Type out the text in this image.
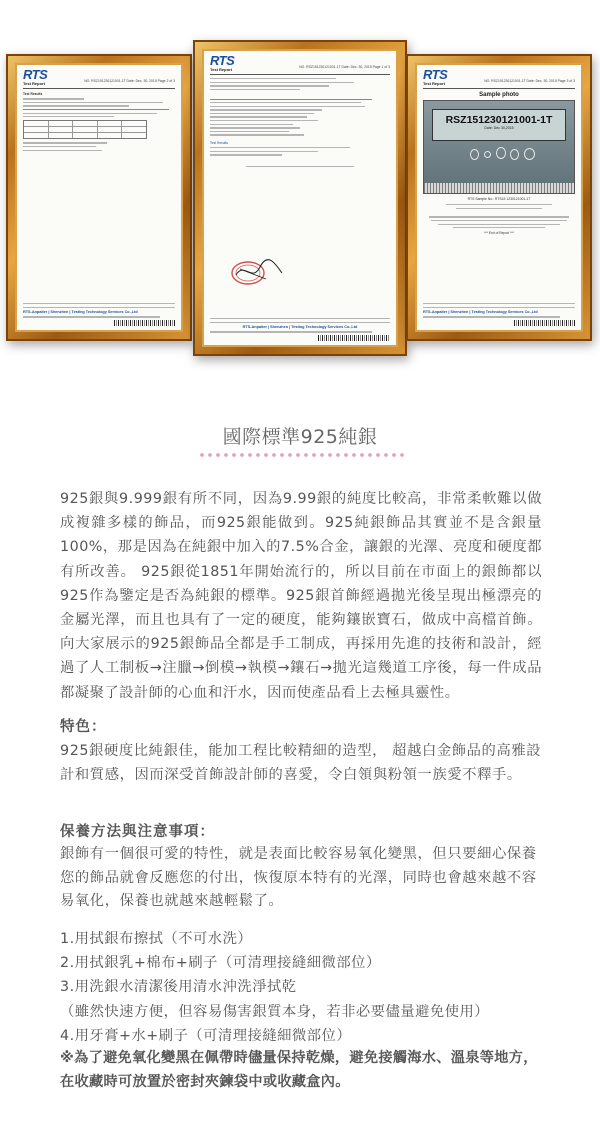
RTS
Test Report	NO. RSZ151230121001-1T Date: Dec. 30, 2015 Page 2 of 3
Test Results
RTS-Anpaiter | Shenzhen | Testing Technology Services Co.,Ltd
RTS
Test Report	NO. RSZ151230121001-1T Date: Dec. 30, 2015 Page 1 of 3
Test Results
RTS-Anpaiter | Shenzhen | Testing Technology Services Co.,Ltd
RTS
Test Report	NO. RSZ151230121001-1T Date: Dec. 30, 2015 Page 3 of 3
Sample photo
RSZ151230121001-1T
Date: Dec 30,2015
RTS Sample No.: RTS15 1230121001-1T
*** End of Report ***
RTS-Anpaiter | Shenzhen | Testing Technology Services Co.,Ltd
國際標準925純銀

925銀與9.999銀有所不同，因為9.99銀的純度比較高，非常柔軟難以做成複雜多樣的飾品，而925銀能做到。925純銀飾品其實並不是含銀量100%，那是因為在純銀中加入的7.5%合金，讓銀的光澤、亮度和硬度都有所改善。 925銀從1851年開始流行的，所以目前在市面上的銀飾都以925作為鑒定是否為純銀的標準。925銀首飾經過拋光後呈現出極漂亮的金屬光澤，而且也具有了一定的硬度，能夠鑲嵌寶石，做成中高檔首飾。 向大家展示的925銀飾品全都是手工制成，再採用先進的技術和設計，經過了人工制板→注臘→倒模→執模→鑲石→拋光這幾道工序後，每一件成品都凝聚了設計師的心血和汗水，因而使產品看上去極具靈性。

特色：

925銀硬度比純銀佳，能加工程比較精細的造型， 超越白金飾品的高雅設計和質感，因而深受首飾設計師的喜愛，令白領與粉領一族愛不釋手。

保養方法與注意事項：

銀飾有一個很可愛的特性，就是表面比較容易氧化變黑，但只要細心保養您的飾品就會反應您的付出，恢復原本特有的光澤，同時也會越來越不容易氧化，保養也就越來越輕鬆了。

1.用拭銀布擦拭（不可水洗）
2.用拭銀乳+棉布+刷子（可清理接縫細微部位）
3.用洗銀水清潔後用清水沖洗淨拭乾
（雖然快速方便，但容易傷害銀質本身，若非必要儘量避免使用）
4.用牙膏+水+刷子（可清理接縫細微部位）
※為了避免氧化變黑在佩帶時儘量保持乾燥，避免接觸海水、溫泉等地方，在收藏時可放置於密封夾鍊袋中或收藏盒內。
